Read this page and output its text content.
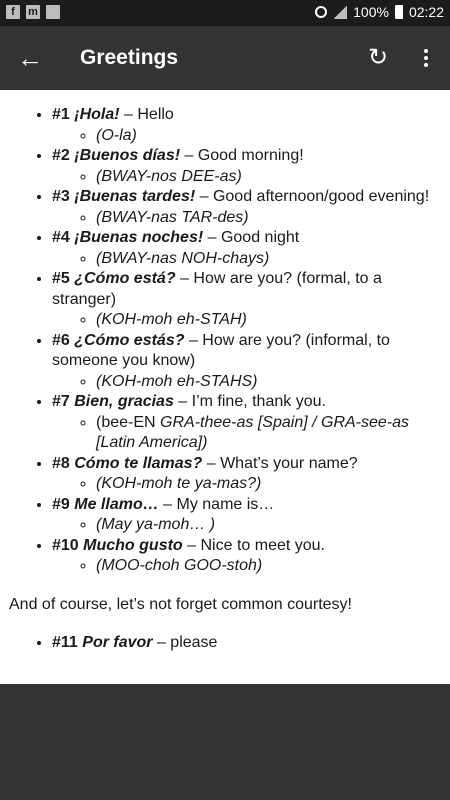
f	m	100% 02:22
← Greetings	↻
• #1 ¡Hola! – Hello
◦ (O-la)
• #2 ¡Buenos días! – Good morning!
◦ (BWAY-nos DEE-as)
• #3 ¡Buenas tardes! – Good afternoon/good evening!
◦ (BWAY-nas TAR-des)
• #4 ¡Buenas noches! – Good night
◦ (BWAY-nas NOH-chays)
• #5 ¿Cómo está? – How are you? (formal, to a stranger)
◦ (KOH-moh eh-STAH)
• #6 ¿Cómo estás? – How are you? (informal, to someone you know)
◦ (KOH-moh eh-STAHS)
• #7 Bien, gracias – I’m fine, thank you.
◦ (bee-EN GRA-thee-as [Spain] / GRA-see-as [Latin America])
• #8 Cómo te llamas? – What’s your name?
◦ (KOH-moh te ya-mas?)
• #9 Me llamo… – My name is…
◦ (May ya-moh… )
• #10 Mucho gusto – Nice to meet you.
◦ (MOO-choh GOO-stoh)

And of course, let’s not forget common courtesy!

• #11 Por favor – please
